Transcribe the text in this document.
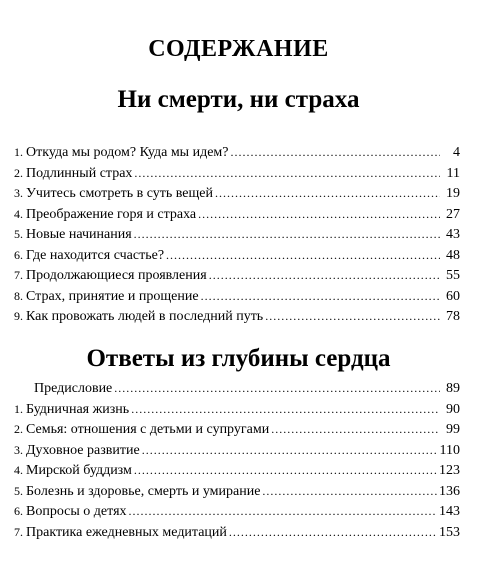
СОДЕРЖАНИЕ
Ни смерти, ни страха
1. Откуда мы родом? Куда мы идем? .....	4
2. Подлинный страх .....	11
3. Учитесь смотреть в суть вещей .....	19
4. Преображение горя и страха .....	27
5. Новые начинания .....	43
6. Где находится счастье? .....	48
7. Продолжающиеся проявления .....	55
8. Страх, принятие и прощение .....	60
9. Как провожать людей в последний путь .....	78
Ответы из глубины сердца
Предисловие .....	89
1. Будничная жизнь .....	90
2. Семья: отношения с детьми и супругами .....	99
3. Духовное развитие .....	110
4. Мирской буддизм .....	123
5. Болезнь и здоровье, смерть и умирание .....	136
6. Вопросы о детях .....	143
7. Практика ежедневных медитаций .....	153
